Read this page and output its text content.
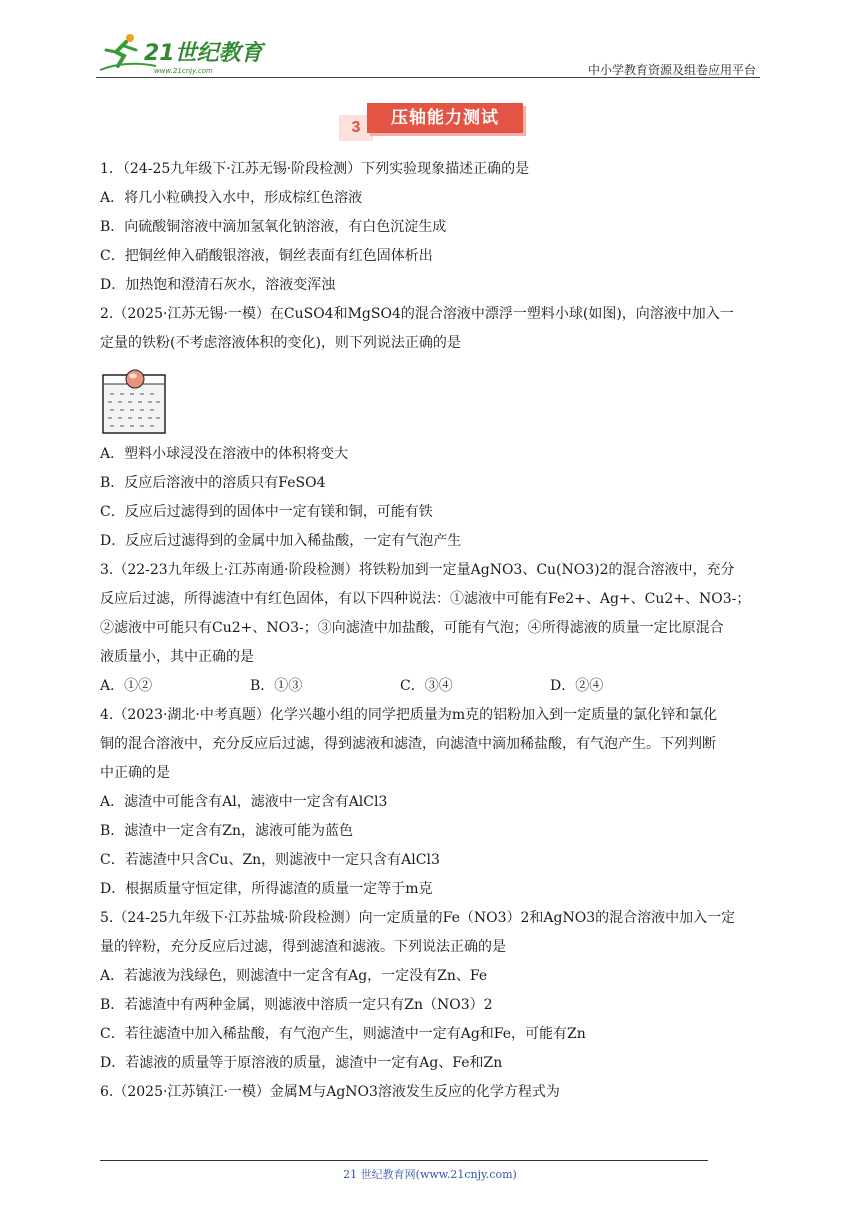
21世纪教育
www.21cnjy.com	中小学教育资源及组卷应用平台
3	压轴能力测试
1．（24-25九年级下·江苏无锡·阶段检测）下列实验现象描述正确的是
A．将几小粒碘投入水中，形成棕红色溶液
B．向硫酸铜溶液中滴加氢氧化钠溶液，有白色沉淀生成
C．把铜丝伸入硝酸银溶液，铜丝表面有红色固体析出
D．加热饱和澄清石灰水，溶液变浑浊
2.（2025·江苏无锡·一模）在CuSO4和MgSO4的混合溶液中漂浮一塑料小球(如图)，向溶液中加入一
定量的铁粉(不考虑溶液体积的变化)，则下列说法正确的是
A．塑料小球浸没在溶液中的体积将变大
B．反应后溶液中的溶质只有FeSO4
C．反应后过滤得到的固体中一定有镁和铜，可能有铁
D．反应后过滤得到的金属中加入稀盐酸，一定有气泡产生
3.（22-23九年级上·江苏南通·阶段检测）将铁粉加到一定量AgNO3、Cu(NO3)2的混合溶液中，充分
反应后过滤，所得滤渣中有红色固体，有以下四种说法：①滤液中可能有Fe2+、Ag+、Cu2+、NO3-；
②滤液中可能只有Cu2+、NO3-；③向滤渣中加盐酸，可能有气泡；④所得滤液的质量一定比原混合
液质量小，其中正确的是
A．①②	B．①③	C．③④	D．②④
4.（2023·湖北·中考真题）化学兴趣小组的同学把质量为m克的铝粉加入到一定质量的氯化锌和氯化
铜的混合溶液中，充分反应后过滤，得到滤液和滤渣，向滤渣中滴加稀盐酸，有气泡产生。下列判断
中正确的是
A．滤渣中可能含有Al，滤液中一定含有AlCl3
B．滤渣中一定含有Zn，滤液可能为蓝色
C．若滤渣中只含Cu、Zn，则滤液中一定只含有AlCl3
D．根据质量守恒定律，所得滤渣的质量一定等于m克
5.（24-25九年级下·江苏盐城·阶段检测）向一定质量的Fe（NO3）2和AgNO3的混合溶液中加入一定
量的锌粉，充分反应后过滤，得到滤渣和滤液。下列说法正确的是
A．若滤液为浅绿色，则滤渣中一定含有Ag，一定没有Zn、Fe
B．若滤渣中有两种金属，则滤液中溶质一定只有Zn（NO3）2
C．若往滤渣中加入稀盐酸，有气泡产生，则滤渣中一定有Ag和Fe，可能有Zn
D．若滤液的质量等于原溶液的质量，滤渣中一定有Ag、Fe和Zn
6.（2025·江苏镇江·一模）金属M与AgNO3溶液发生反应的化学方程式为
21 世纪教育网(www.21cnjy.com)
